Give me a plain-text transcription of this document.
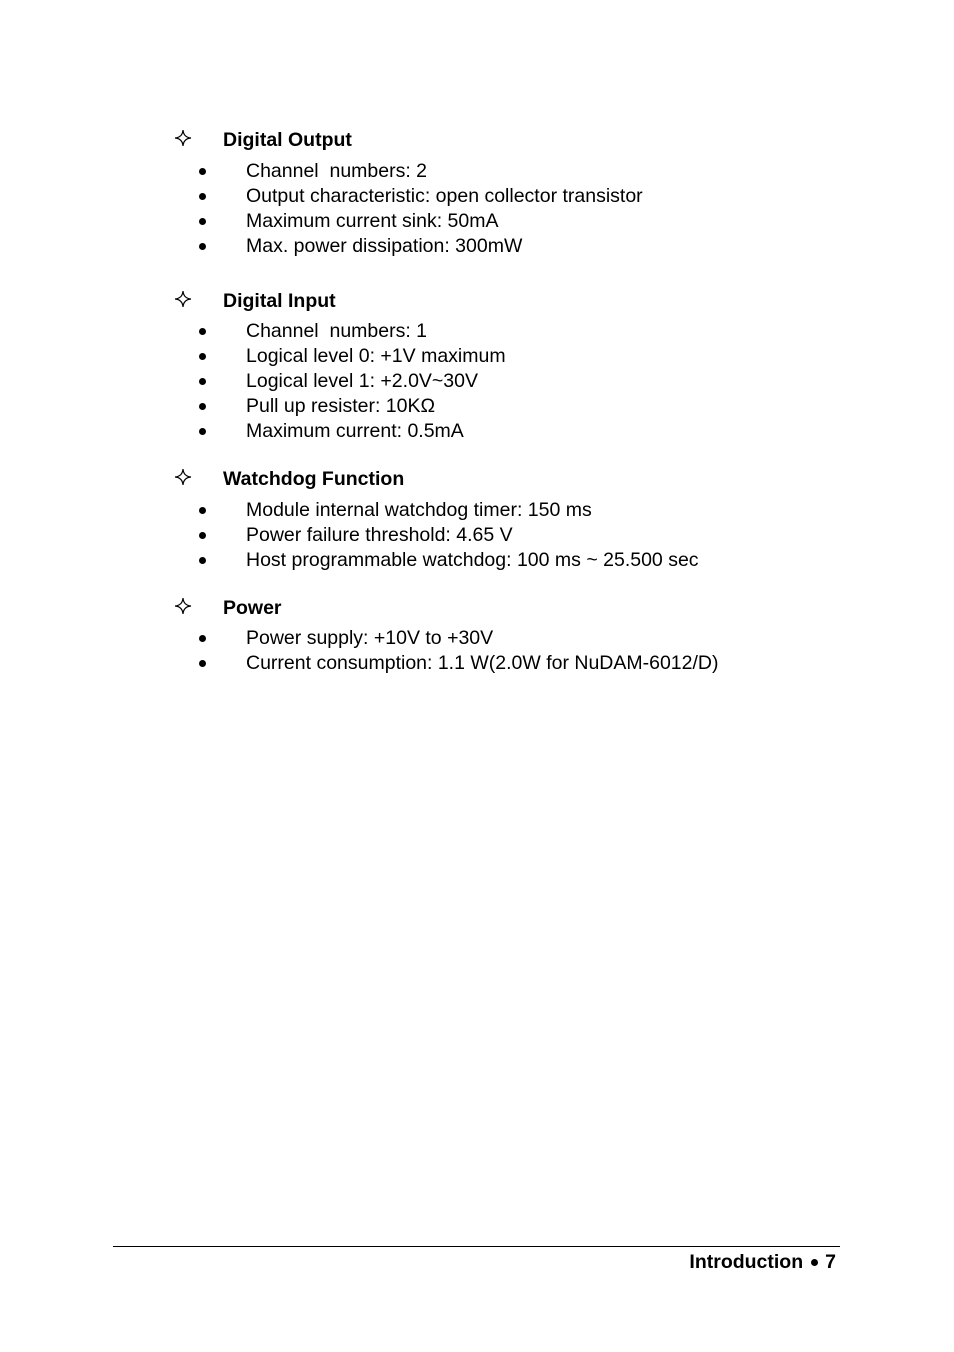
Digital Output
Channel  numbers: 2
Output characteristic: open collector transistor
Maximum current sink: 50mA
Max. power dissipation: 300mW
Digital Input
Channel  numbers: 1
Logical level 0: +1V maximum
Logical level 1: +2.0V~30V
Pull up resister: 10KΩ
Maximum current: 0.5mA
Watchdog Function
Module internal watchdog timer: 150 ms
Power failure threshold: 4.65 V
Host programmable watchdog: 100 ms ~ 25.500 sec
Power
Power supply: +10V to +30V
Current consumption: 1.1 W(2.0W for NuDAM-6012/D)
Introduction 7
